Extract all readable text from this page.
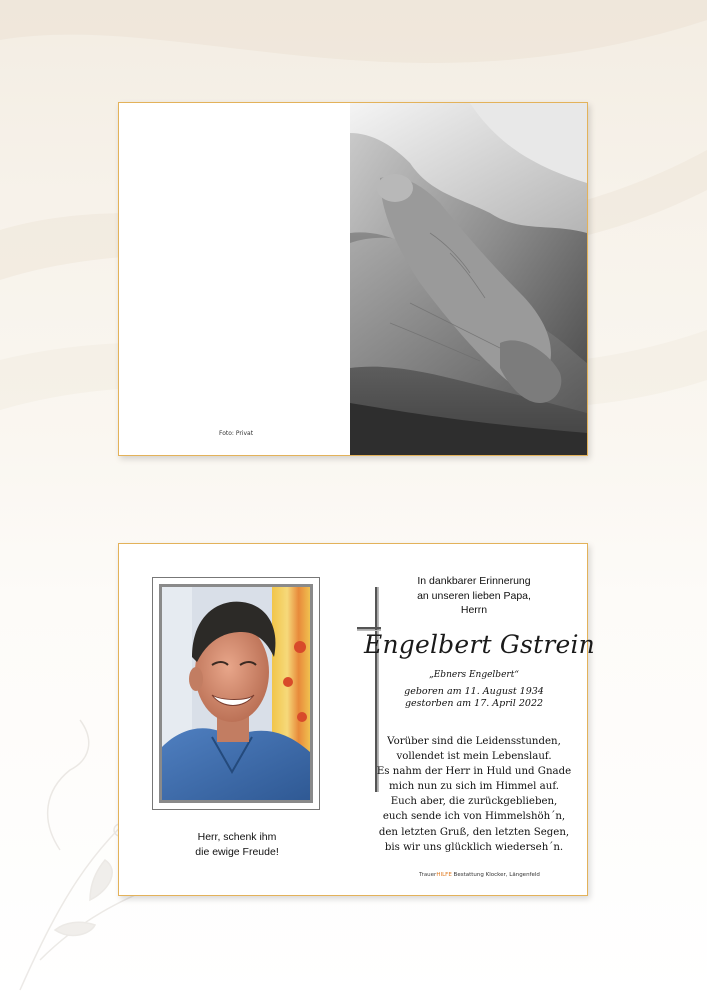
Foto: Privat
Herr, schenk ihm
die ewige Freude!
In dankbarer Erinnerung
an unseren lieben Papa,
Herrn
Engelbert Gstrein
„Ebners Engelbert“
geboren am 11. August 1934
gestorben am 17. April 2022
Vorüber sind die Leidensstunden,
vollendet ist mein Lebenslauf.
Es nahm der Herr in Huld und Gnade
mich nun zu sich im Himmel auf.
Euch aber, die zurückgeblieben,
euch sende ich von Himmelshöh´n,
den letzten Gruß, den letzten Segen,
bis wir uns glücklich wiederseh´n.
TrauerHILFE Bestattung Klocker, Längenfeld
